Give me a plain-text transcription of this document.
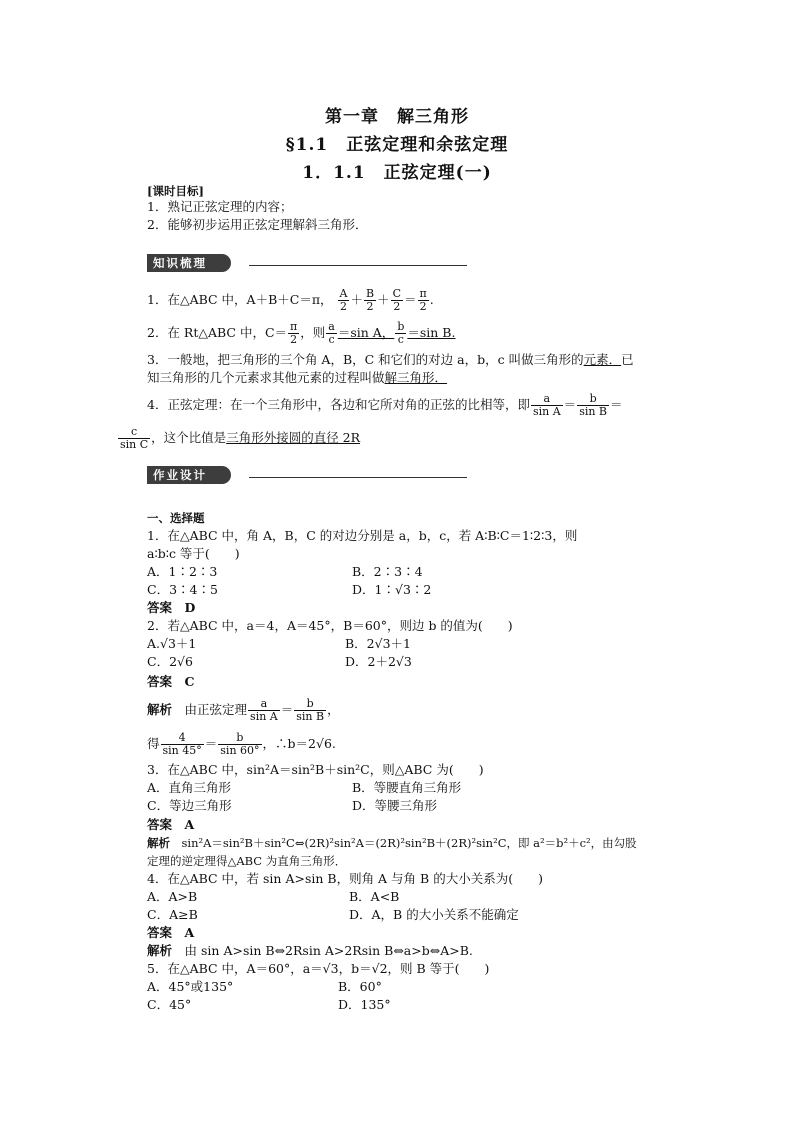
第一章　解三角形
§1.1　正弦定理和余弦定理
1．1.1　正弦定理(一)
[课时目标]
1．熟记正弦定理的内容；
2．能够初步运用正弦定理解斜三角形．
知识梳理
1．在△ABC 中，A＋B＋C＝π， $\frac{A}{2} + \frac{B}{2} + \frac{C}{2} = \frac{\pi}{2}$ .
2．在 Rt△ABC 中，$C= \frac{\pi}{2}$ ，则 $\frac{a}{c} =\sin$ A， $\frac{b}{c} =\sin$ B.
3．一般地，把三角形的三个角 A，B，C 和它们的对边 a，b，c 叫做三角形的元素．已
知三角形的几个元素求其他元素的过程叫做解三角形．
4．正弦定理：在一个三角形中，各边和它所对角的正弦的比相等，即 $\frac{a}{\text{sin A}} = \frac{b}{\text{sin B}}$ ＝
$\frac{c}{\text{sin C}}$ ，这个比值是三角形外接圆的直径 2R
作业设计
一、选择题
1．在△ABC 中，角 A，B，C 的对边分别是 a，b，c，若 A∶B∶C＝1∶2∶3，则
a∶b∶c 等于(　　)
A．1∶2∶3	B．2∶3∶4
C．3∶4∶5	D．1∶√3∶2
答案　D
2．若△ABC 中，a＝4，A＝45°，B＝60°，则边 b 的值为(　　)
A.√3＋1	B．2√3＋1
C．2√6	D．2＋2√3
答案　C
解析　 由正弦定理 $\frac{a}{\text{sin A}} = \frac{b}{\text{sin B}}$ ，
得 $\frac{4}{\sin 45^\circ} = \frac{b}{\sin 60^\circ}$ ，∴b＝2√6.
3．在△ABC 中，sin²A＝sin²B＋sin²C，则△ABC 为(　　)
A．直角三角形	B．等腰直角三角形
C．等边三角形	D．等腰三角形
答案　A
解析　 sin²A＝sin²B＋sin²C⇔(2R)²sin²A＝(2R)²sin²B＋(2R)²sin²C，即 a²＝b²＋c²，由勾股
定理的逆定理得△ABC 为直角三角形．
4．在△ABC 中，若 sin A>sin B，则角 A 与角 B 的大小关系为(　　)
A．A>B	B．A<B
C．A≥B	D．A，B 的大小关系不能确定
答案　A
解析　 由 sin A>sin B⇔2Rsin A>2Rsin B⇔a>b⇔A>B.
5．在△ABC 中，A＝60°，a＝√3，b＝√2，则 B 等于(　　)
A．45°或135°	B．60°
C．45°	D．135°
